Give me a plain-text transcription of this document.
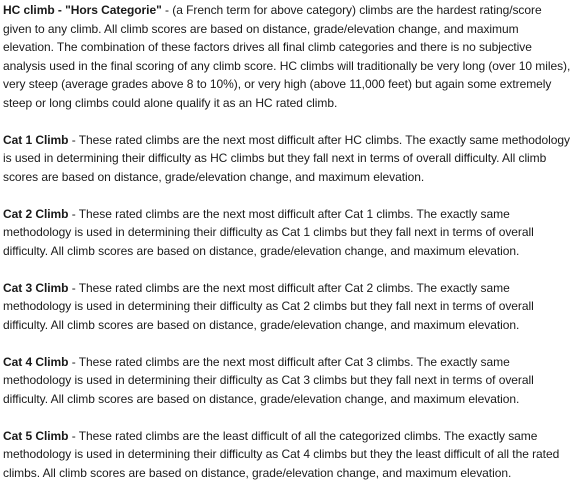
HC climb - "Hors Categorie" - (a French term for above category) climbs are the hardest rating/score given to any climb. All climb scores are based on distance, grade/elevation change, and maximum elevation. The combination of these factors drives all final climb categories and there is no subjective analysis used in the final scoring of any climb score. HC climbs will traditionally be very long (over 10 miles), very steep (average grades above 8 to 10%), or very high (above 11,000 feet) but again some extremely steep or long climbs could alone qualify it as an HC rated climb.

Cat 1 Climb - These rated climbs are the next most difficult after HC climbs. The exactly same methodology is used in determining their difficulty as HC climbs but they fall next in terms of overall difficulty. All climb scores are based on distance, grade/elevation change, and maximum elevation.

Cat 2 Climb - These rated climbs are the next most difficult after Cat 1 climbs. The exactly same methodology is used in determining their difficulty as Cat 1 climbs but they fall next in terms of overall difficulty. All climb scores are based on distance, grade/elevation change, and maximum elevation.

Cat 3 Climb - These rated climbs are the next most difficult after Cat 2 climbs. The exactly same methodology is used in determining their difficulty as Cat 2 climbs but they fall next in terms of overall difficulty. All climb scores are based on distance, grade/elevation change, and maximum elevation.

Cat 4 Climb - These rated climbs are the next most difficult after Cat 3 climbs. The exactly same methodology is used in determining their difficulty as Cat 3 climbs but they fall next in terms of overall difficulty. All climb scores are based on distance, grade/elevation change, and maximum elevation.

Cat 5 Climb - These rated climbs are the least difficult of all the categorized climbs. The exactly same methodology is used in determining their difficulty as Cat 4 climbs but they the least difficult of all the rated climbs. All climb scores are based on distance, grade/elevation change, and maximum elevation.
